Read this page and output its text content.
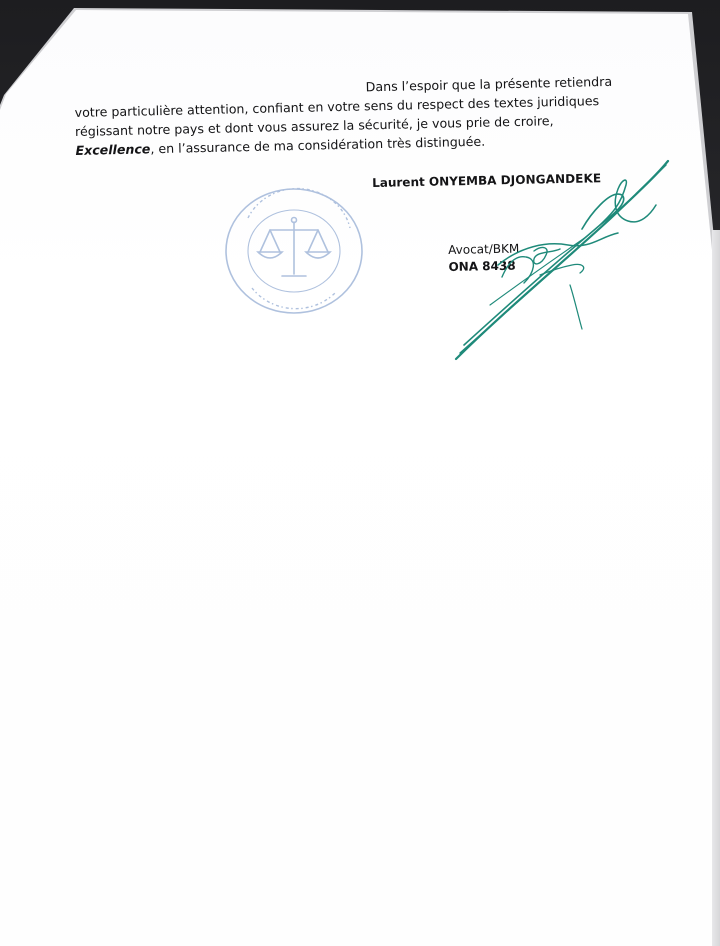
Dans l’espoir que la présente retiendra
votre particulière attention, confiant en votre sens du respect des textes juridiques
régissant notre pays et dont vous assurez la sécurité, je vous prie de croire,
Excellence , en l’assurance de ma considération très distinguée.
Laurent ONYEMBA DJONGANDEKE
Avocat/BKM
ONA 8438
